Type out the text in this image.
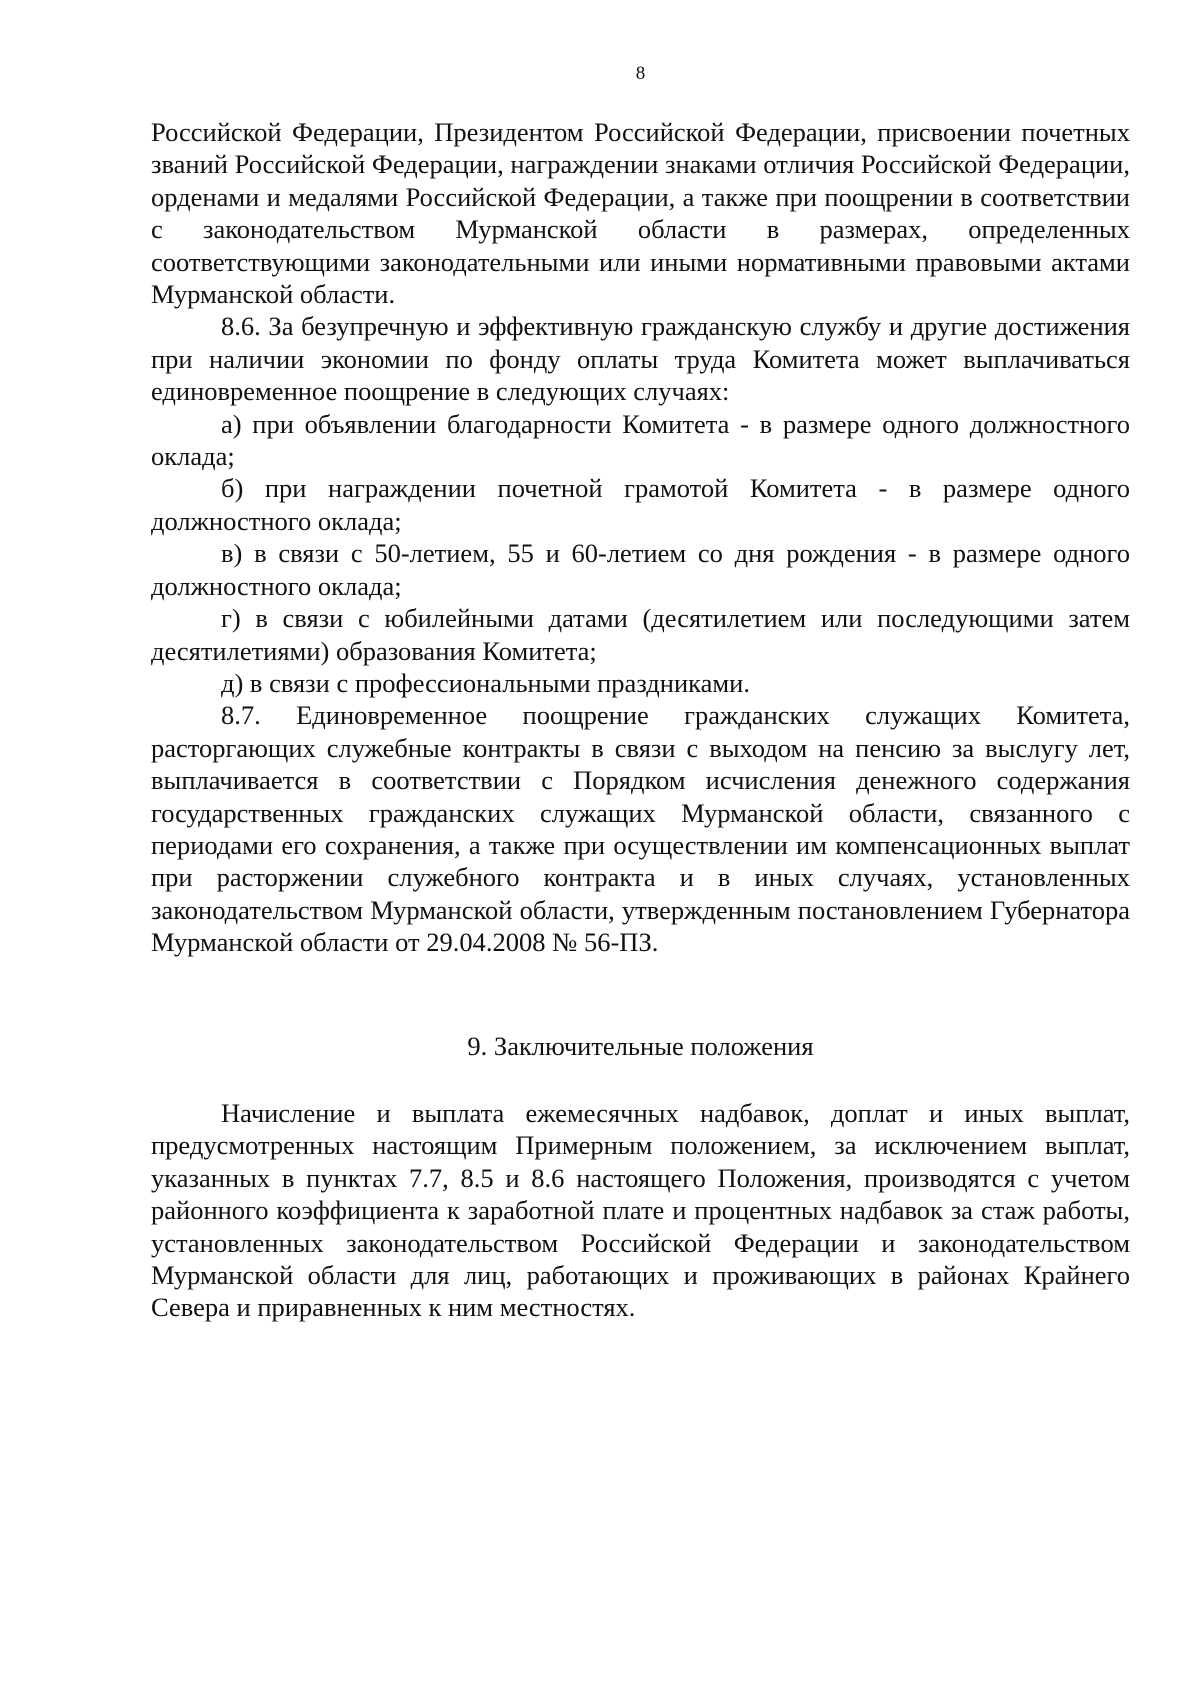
8

Российской Федерации, Президентом Российской Федерации, присвоении почетных званий Российской Федерации, награждении знаками отличия Российской Федерации, орденами и медалями Российской Федерации, а также при поощрении в соответствии с законодательством Мурманской области в размерах, определенных соответствующими законодательными или иными нормативными правовыми актами Мурманской области.

8.6. За безупречную и эффективную гражданскую службу и другие достижения при наличии экономии по фонду оплаты труда Комитета может выплачиваться единовременное поощрение в следующих случаях:

а) при объявлении благодарности Комитета - в размере одного должностного оклада;

б) при награждении почетной грамотой Комитета - в размере одного должностного оклада;

в) в связи с 50-летием, 55 и 60-летием со дня рождения - в размере одного должностного оклада;

г) в связи с юбилейными датами (десятилетием или последующими затем десятилетиями) образования Комитета;

д) в связи с профессиональными праздниками.

8.7. Единовременное поощрение гражданских служащих Комитета, расторгающих служебные контракты в связи с выходом на пенсию за выслугу лет, выплачивается в соответствии с Порядком исчисления денежного содержания государственных гражданских служащих Мурманской области, связанного с периодами его сохранения, а также при осуществлении им компенсационных выплат при расторжении служебного контракта и в иных случаях, установленных законодательством Мурманской области, утвержденным постановлением Губернатора Мурманской области от 29.04.2008 № 56-ПЗ.

9. Заключительные положения

Начисление и выплата ежемесячных надбавок, доплат и иных выплат, предусмотренных настоящим Примерным положением, за исключением выплат, указанных в пунктах 7.7, 8.5 и 8.6 настоящего Положения, производятся с учетом районного коэффициента к заработной плате и процентных надбавок за стаж работы, установленных законодательством Российской Федерации и законодательством Мурманской области для лиц, работающих и проживающих в районах Крайнего Севера и приравненных к ним местностях.
